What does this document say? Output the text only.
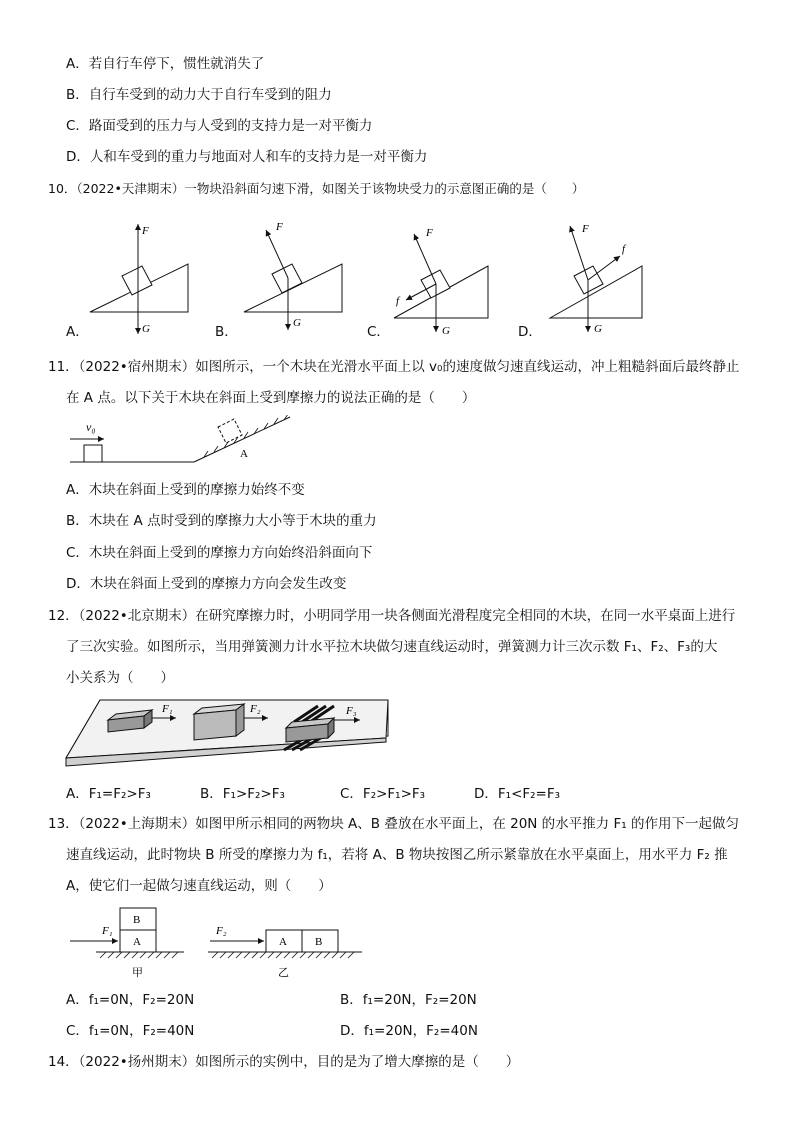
A．若自行车停下，惯性就消失了
B．自行车受到的动力大于自行车受到的阻力
C．路面受到的压力与人受到的支持力是一对平衡力
D．人和车受到的重力与地面对人和车的支持力是一对平衡力
10．（2022•天津期末）一物块沿斜面匀速下滑，如图关于该物块受力的示意图正确的是（　　）
F
G
F
G
F
G
f
F
G
f
A．	B．	C．	D．
11．（2022•宿州期末）如图所示，一个木块在光滑水平面上以 v₀的速度做匀速直线运动，冲上粗糙斜面后最终静止
在 A 点。以下关于木块在斜面上受到摩擦力的说法正确的是（　　）
v₀
A
A．木块在斜面上受到的摩擦力始终不变
B．木块在 A 点时受到的摩擦力大小等于木块的重力
C．木块在斜面上受到的摩擦力方向始终沿斜面向下
D．木块在斜面上受到的摩擦力方向会发生改变
12．（2022•北京期末）在研究摩擦力时，小明同学用一块各侧面光滑程度完全相同的木块，在同一水平桌面上进行
了三次实验。如图所示，当用弹簧测力计水平拉木块做匀速直线运动时，弹簧测力计三次示数 F₁、F₂、F₃的大
小关系为（　　）
F₁	F₂	F₃
A．F₁=F₂>F₃	B．F₁>F₂>F₃	C．F₂>F₁>F₃	D．F₁<F₂=F₃
13．（2022•上海期末）如图甲所示相同的两物块 A、B 叠放在水平面上，在 20N 的水平推力 F₁ 的作用下一起做匀
速直线运动，此时物块 B 所受的摩擦力为 f₁，若将 A、B 物块按图乙所示紧靠放在水平桌面上，用水平力 F₂ 推
A，使它们一起做匀速直线运动，则（　　）
B
A
F₁
甲
A	B
F₂
乙
A．f₁=0N，F₂=20N	B．f₁=20N，F₂=20N
C．f₁=0N，F₂=40N	D．f₁=20N，F₂=40N
14．（2022•扬州期末）如图所示的实例中，目的是为了增大摩擦的是（　　）
